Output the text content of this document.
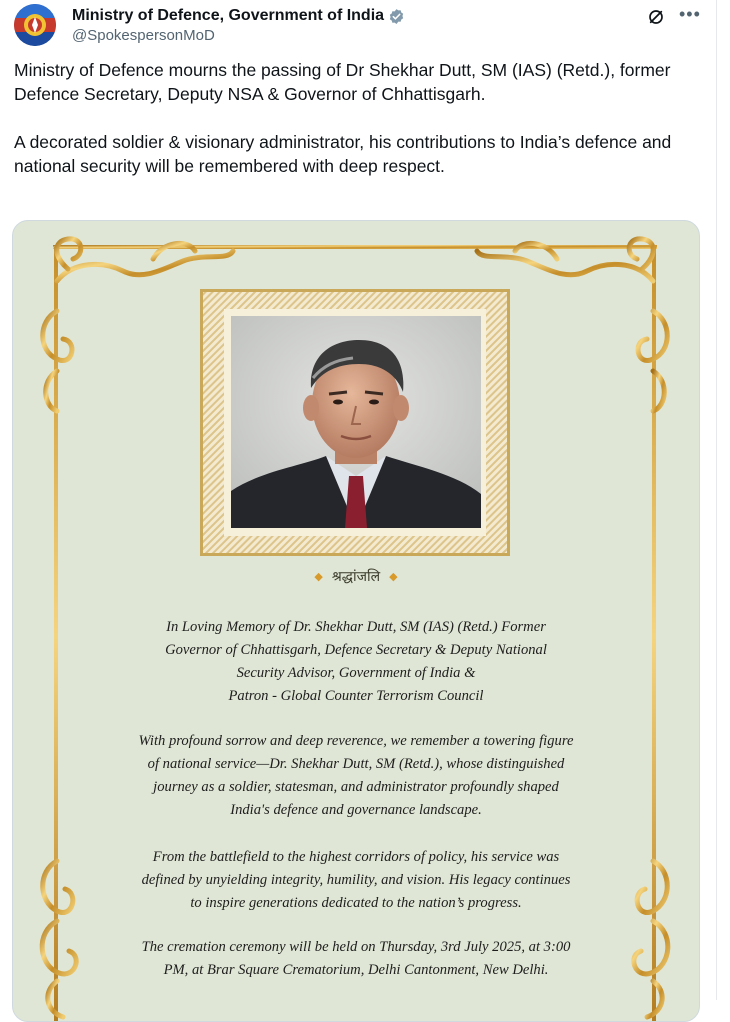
Ministry of Defence, Government of India
@SpokespersonMoD
•••

Ministry of Defence mourns the passing of Dr Shekhar Dutt, SM (IAS) (Retd.), former Defence Secretary, Deputy NSA & Governor of Chhattisgarh.

A decorated soldier & visionary administrator, his contributions to India’s defence and national security will be remembered with deep respect.

◆ श्रद्धांजलि ◆
In Loving Memory of Dr. Shekhar Dutt, SM (IAS) (Retd.) Former
Governor of Chhattisgarh, Defence Secretary & Deputy National
Security Advisor, Government of India &
Patron - Global Counter Terrorism Council
With profound sorrow and deep reverence, we remember a towering figure
of national service—Dr. Shekhar Dutt, SM (Retd.), whose distinguished
journey as a soldier, statesman, and administrator profoundly shaped
India's defence and governance landscape.
From the battlefield to the highest corridors of policy, his service was
defined by unyielding integrity, humility, and vision. His legacy continues
to inspire generations dedicated to the nation’s progress.
The cremation ceremony will be held on Thursday, 3rd July 2025, at 3:00
PM, at Brar Square Crematorium, Delhi Cantonment, New Delhi.
